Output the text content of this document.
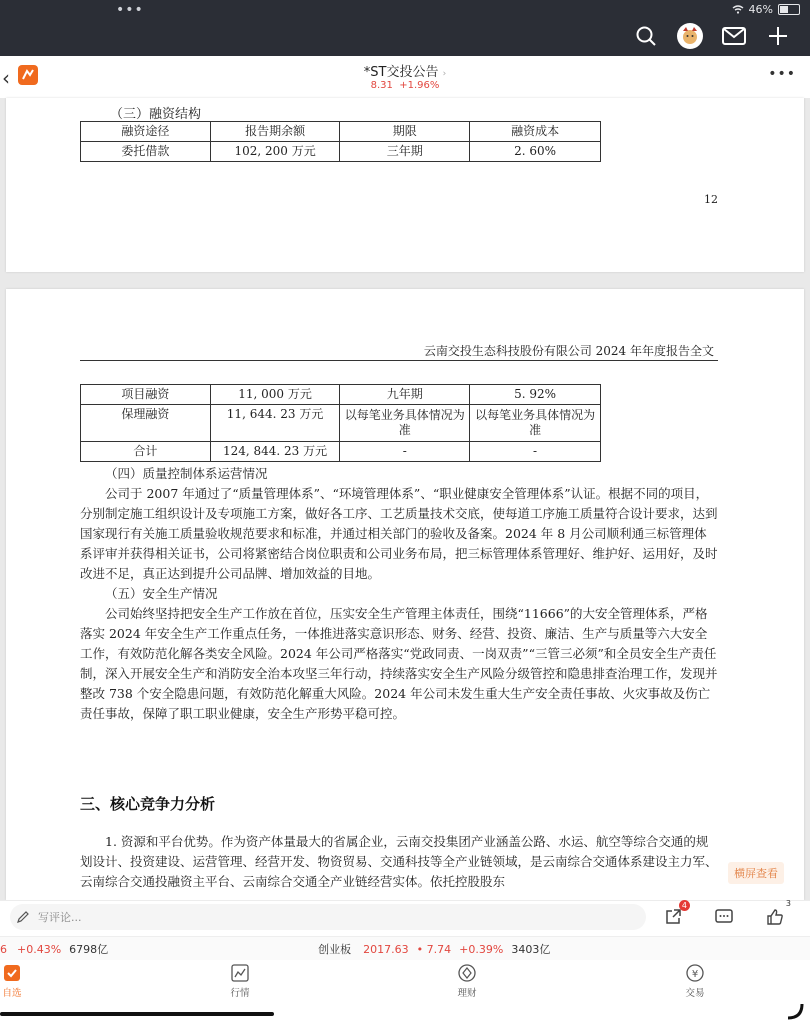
•••	46%
‹	*ST交投公告 ›
8.31 +1.96%
•••
（三）融资结构
融资途径	报告期余额	期限	融资成本
委托借款	102, 200 万元	三年期	2. 60%
12
云南交投生态科技股份有限公司 2024 年年度报告全文
项目融资	11, 000 万元	九年期	5. 92%
保理融资	11, 644. 23 万元	以每笔业务具体情况为准	以每笔业务具体情况为准
合计	124, 844. 23 万元	-	-

（四）质量控制体系运营情况

公司于 2007 年通过了“质量管理体系”、“环境管理体系”、“职业健康安全管理体系”认证。根据不同的项目，分别制定施工组织设计及专项施工方案，做好各工序、工艺质量技术交底，使每道工序施工质量符合设计要求，达到国家现行有关施工质量验收规范要求和标准，并通过相关部门的验收及备案。2024 年 8 月公司顺利通三标管理体系评审并获得相关证书，公司将紧密结合岗位职责和公司业务布局，把三标管理体系管理好、维护好、运用好，及时改进不足，真正达到提升公司品牌、增加效益的目地。

（五）安全生产情况

公司始终坚持把安全生产工作放在首位，压实安全生产管理主体责任，围绕“11666”的大安全管理体系，严格落实 2024 年安全生产工作重点任务，一体推进落实意识形态、财务、经营、投资、廉洁、生产与质量等六大安全工作，有效防范化解各类安全风险。2024 年公司严格落实“党政同责、一岗双责”“三管三必须”和全员安全生产责任制，深入开展安全生产和消防安全治本攻坚三年行动，持续落实安全生产风险分级管控和隐患排查治理工作，发现并整改 738 个安全隐患问题，有效防范化解重大风险。2024 年公司未发生重大生产安全责任事故、火灾事故及伤亡责任事故，保障了职工职业健康，安全生产形势平稳可控。

三、核心竞争力分析

1. 资源和平台优势。作为资产体量最大的省属企业，云南交投集团产业涵盖公路、水运、航空等综合交通的规划设计、投资建设、运营管理、经营开发、物资贸易、交通科技等全产业链领域，是云南综合交通体系建设主力军、云南综合交通投融资主平台、云南综合交通全产业链经营实体。依托控股股东

横屏查看
写评论...
4	3
6 +0.43% 6798亿	创业板 2017.63 • 7.74 +0.39% 3403亿
自选	行情	理财
¥
交易
